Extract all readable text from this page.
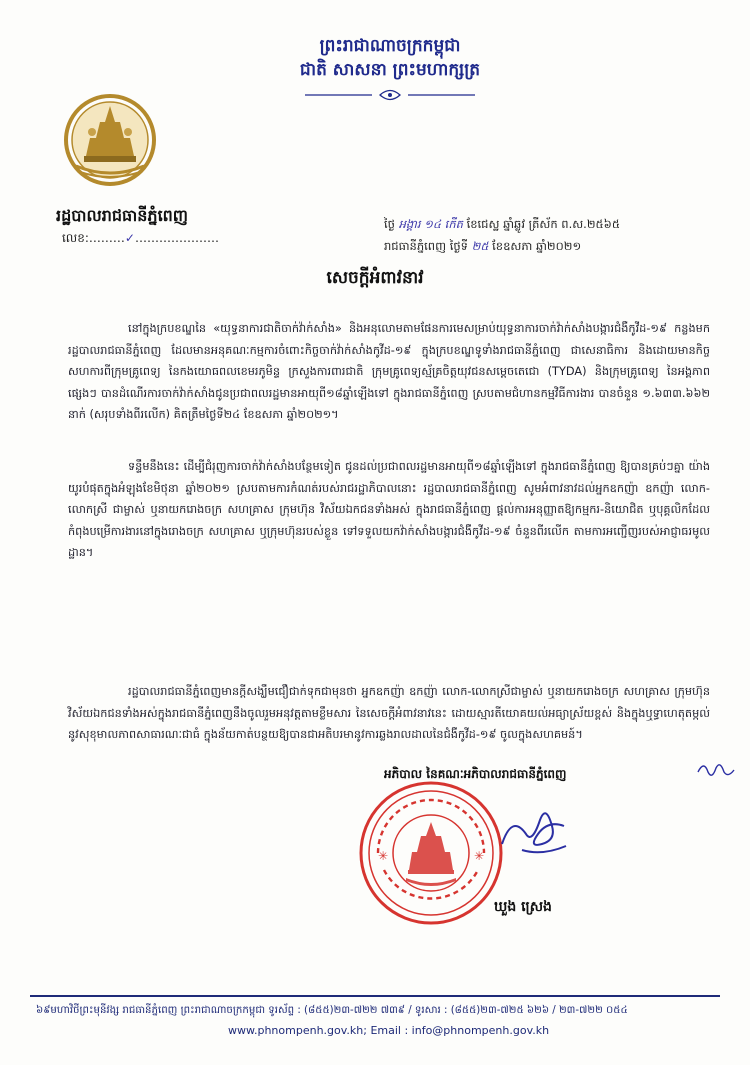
ព្រះរាជាណាចក្រកម្ពុជា
ជាតិ សាសនា ព្រះមហាក្សត្រ
រដ្ឋបាលរាជធានីភ្នំពេញ
លេខ:………✓…………………
ថ្ងៃ អង្គារ ១៤ កើត ខែជេស្ឋ ឆ្នាំឆ្លូវ ត្រីស័ក ព.ស.២៥៦៥
រាជធានីភ្នំពេញ ថ្ងៃទី ២៥ ខែឧសភា ឆ្នាំ២០២១
សេចក្តីអំពាវនាវ
នៅក្នុងក្របខណ្ឌនៃ «យុទ្ធនាការជាតិចាក់វ៉ាក់សាំង» និងអនុលោមតាមផែនការមេសម្រាប់យុទ្ធនាការចាក់វ៉ាក់សាំងបង្ការជំងឺកូវីដ-១៩ កន្លងមក រដ្ឋបាលរាជធានីភ្នំពេញ ដែលមានអនុគណៈកម្មការចំពោះកិច្ចចាក់វ៉ាក់សាំងកូវីដ-១៩ ក្នុងក្របខណ្ឌទូទាំងរាជធានីភ្នំពេញ ជាសេនាធិការ និងដោយមានកិច្ចសហការពីក្រុមគ្រូពេទ្យ នៃកងយោធពលខេមរភូមិន្ទ ក្រសួងការពារជាតិ ក្រុមគ្រូពេទ្យស្ម័គ្រចិត្តយុវជនសម្តេចតេជោ (TYDA) និងក្រុមគ្រូពេទ្យ នៃអង្គភាពផ្សេងៗ បានដំណើរការចាក់វ៉ាក់សាំងជូនប្រជាពលរដ្ឋមានអាយុពី១៨ឆ្នាំឡើងទៅ ក្នុងរាជធានីភ្នំពេញ ស្របតាមជំហានកម្មវិធីការងារ បានចំនួន ១.៦៣៣.៦៦២ នាក់ (សរុបទាំងពីរលើក) គិតត្រឹមថ្ងៃទី២៤ ខែឧសភា ឆ្នាំ២០២១។
ទន្ទឹមនឹងនេះ ដើម្បីជំរុញការចាក់វ៉ាក់សាំងបន្ថែមទៀត ជូនដល់ប្រជាពលរដ្ឋមានអាយុពី១៨ឆ្នាំឡើងទៅ ក្នុងរាជធានីភ្នំពេញ ឱ្យបានគ្រប់ៗគ្នា យ៉ាងយូរបំផុតក្នុងអំឡុងខែមិថុនា ឆ្នាំ២០២១ ស្របតាមការកំណត់របស់រាជរដ្ឋាភិបាលនោះ រដ្ឋបាលរាជធានីភ្នំពេញ សូមអំពាវនាវដល់អ្នកឧកញ៉ា ឧកញ៉ា លោក-លោកស្រី ជាម្ចាស់ ឬនាយករោងចក្រ សហគ្រាស ក្រុមហ៊ុន វិស័យឯកជនទាំងអស់ ក្នុងរាជធានីភ្នំពេញ ផ្តល់ការអនុញ្ញាតឱ្យកម្មករ-និយោជិត ឬបុគ្គលិកដែលកំពុងបម្រើការងារនៅក្នុងរោងចក្រ សហគ្រាស ឬក្រុមហ៊ុនរបស់ខ្លួន ទៅទទួលយកវ៉ាក់សាំងបង្ការជំងឺកូវីដ-១៩ ចំនួនពីរលើក តាមការអញ្ជើញរបស់អាជ្ញាធរមូលដ្ឋាន។
រដ្ឋបាលរាជធានីភ្នំពេញមានក្តីសង្ឃឹមជឿជាក់ទុកជាមុនថា អ្នកឧកញ៉ា ឧកញ៉ា លោក-លោកស្រីជាម្ចាស់ ឬនាយករោងចក្រ សហគ្រាស ក្រុមហ៊ុន វិស័យឯកជនទាំងអស់ក្នុងរាជធានីភ្នំពេញនឹងចូលរួមអនុវត្តតាមខ្លឹមសារ នៃសេចក្តីអំពាវនាវនេះ ដោយស្មារតីយោគយល់អធ្យាស្រ័យខ្ពស់ និងក្នុងឬទ្ធាហេតុតម្កល់នូវសុខុមាលភាពសាធារណៈជាធំ ក្នុងន័យកាត់បន្ថយឱ្យបានជាអតិបរមានូវការឆ្លងរាលដាលនៃជំងឺកូវីដ-១៩ ចូលក្នុងសហគមន៍។
អភិបាល នៃគណៈអភិបាលរាជធានីភ្នំពេញ
✳	✳
ឃួង ស្រេង
៦៩មហាវិថីព្រះមុនីវង្ស រាជធានីភ្នំពេញ ព្រះរាជាណាចក្រកម្ពុជា ទូរស័ព្ទ : (៨៥៥)២៣-៧២២ ៧៣៩ / ទូរសារ : (៨៥៥)២៣-៧២៥ ៦២៦ / ២៣-៧២២ ០៥៤
www.phnompenh.gov.kh; Email : info@phnompenh.gov.kh
